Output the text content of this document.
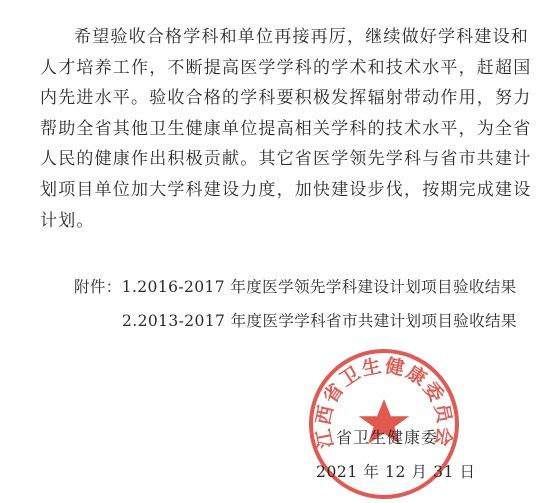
希望验收合格学科和单位再接再厉，继续做好学科建设和
人才培养工作，不断提高医学学科的学术和技术水平，赶超国
内先进水平。验收合格的学科要积极发挥辐射带动作用，努力
帮助全省其他卫生健康单位提高相关学科的技术水平，为全省
人民的健康作出积极贡献。其它省医学领先学科与省市共建计
划项目单位加大学科建设力度，加快建设步伐，按期完成建设
计划。
附件：1.2016-2017 年度医学领先学科建设计划项目验收结果
2.2013-2017 年度医学学科省市共建计划项目验收结果
江西省卫生健康委员会
省卫生健康委
2021 年 12 月 31 日
